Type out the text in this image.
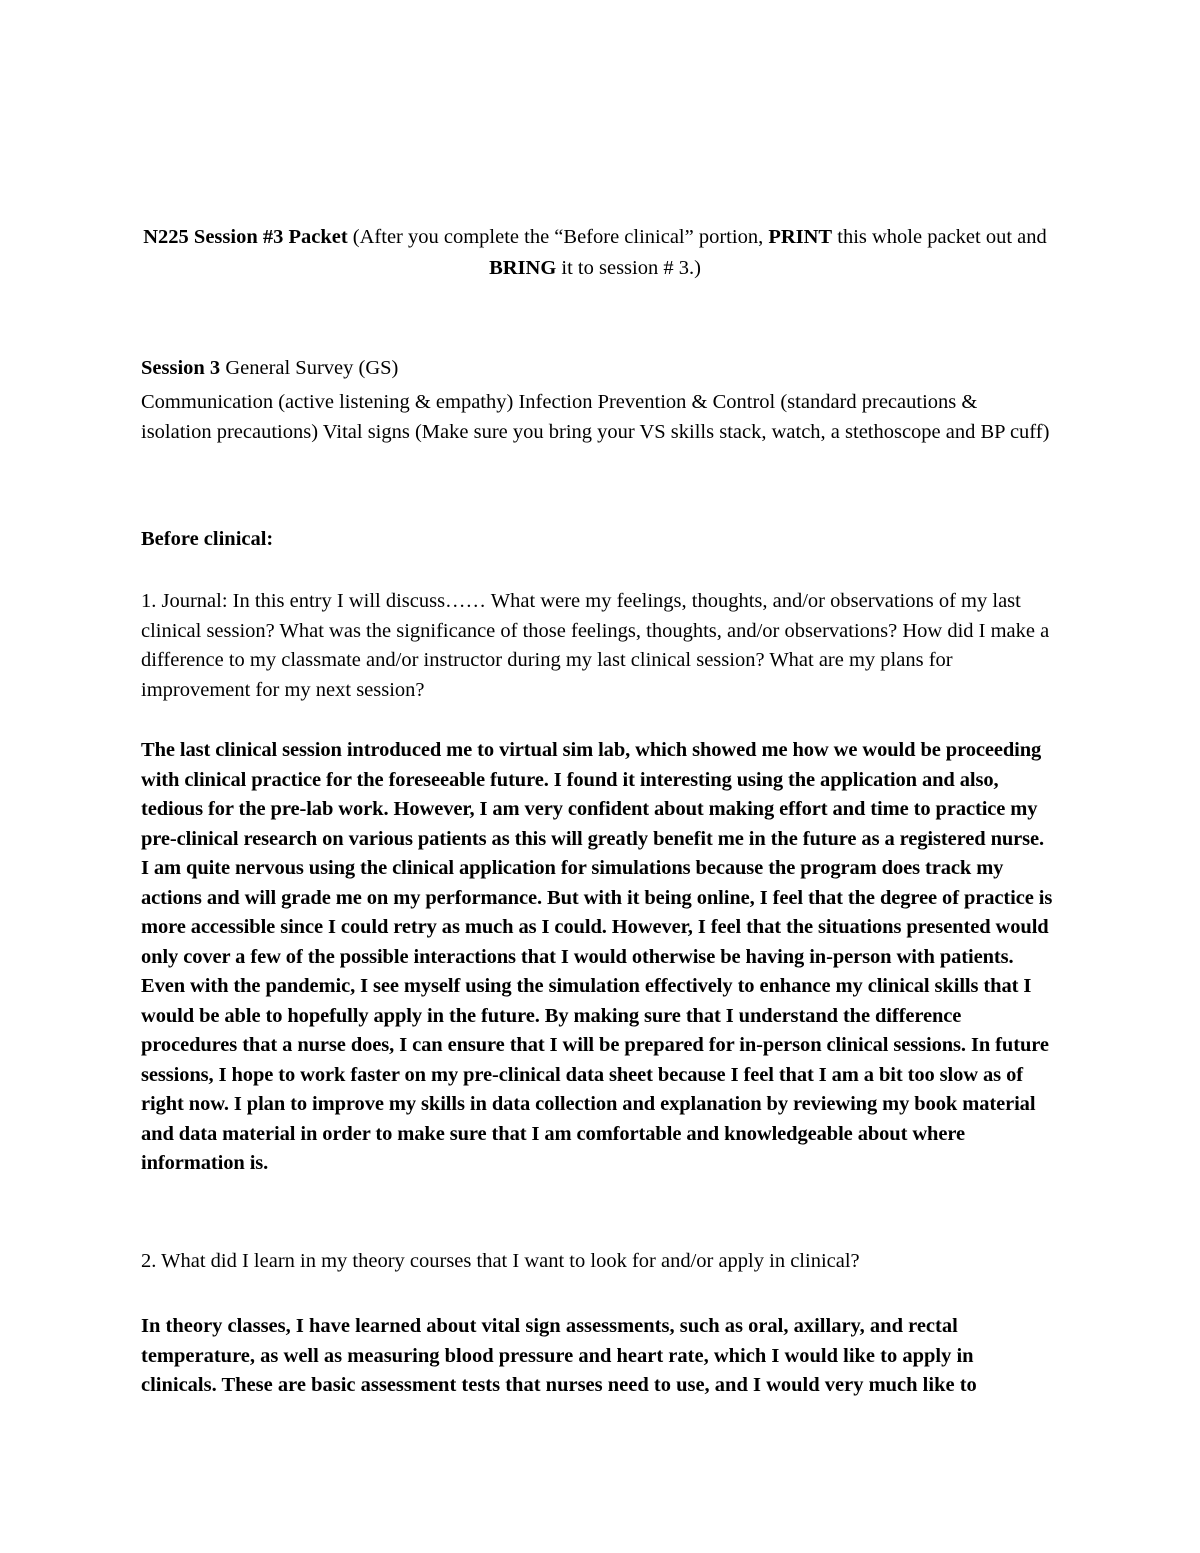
N225 Session #3 Packet (After you complete the “Before clinical” portion, PRINT this whole packet out and BRING it to session # 3.)
Session 3 General Survey (GS)
Communication (active listening & empathy) Infection Prevention & Control (standard precautions & isolation precautions) Vital signs (Make sure you bring your VS skills stack, watch, a stethoscope and BP cuff)
Before clinical:
1. Journal: In this entry I will discuss…… What were my feelings, thoughts, and/or observations of my last clinical session? What was the significance of those feelings, thoughts, and/or observations? How did I make a difference to my classmate and/or instructor during my last clinical session? What are my plans for improvement for my next session?
The last clinical session introduced me to virtual sim lab, which showed me how we would be proceeding with clinical practice for the foreseeable future. I found it interesting using the application and also, tedious for the pre-lab work. However, I am very confident about making effort and time to practice my pre-clinical research on various patients as this will greatly benefit me in the future as a registered nurse. I am quite nervous using the clinical application for simulations because the program does track my actions and will grade me on my performance. But with it being online, I feel that the degree of practice is more accessible since I could retry as much as I could. However, I feel that the situations presented would only cover a few of the possible interactions that I would otherwise be having in-person with patients. Even with the pandemic, I see myself using the simulation effectively to enhance my clinical skills that I would be able to hopefully apply in the future. By making sure that I understand the difference procedures that a nurse does, I can ensure that I will be prepared for in-person clinical sessions. In future sessions, I hope to work faster on my pre-clinical data sheet because I feel that I am a bit too slow as of right now. I plan to improve my skills in data collection and explanation by reviewing my book material and data material in order to make sure that I am comfortable and knowledgeable about where information is.
2. What did I learn in my theory courses that I want to look for and/or apply in clinical?
In theory classes, I have learned about vital sign assessments, such as oral, axillary, and rectal temperature, as well as measuring blood pressure and heart rate, which I would like to apply in clinicals. These are basic assessment tests that nurses need to use, and I would very much like to
